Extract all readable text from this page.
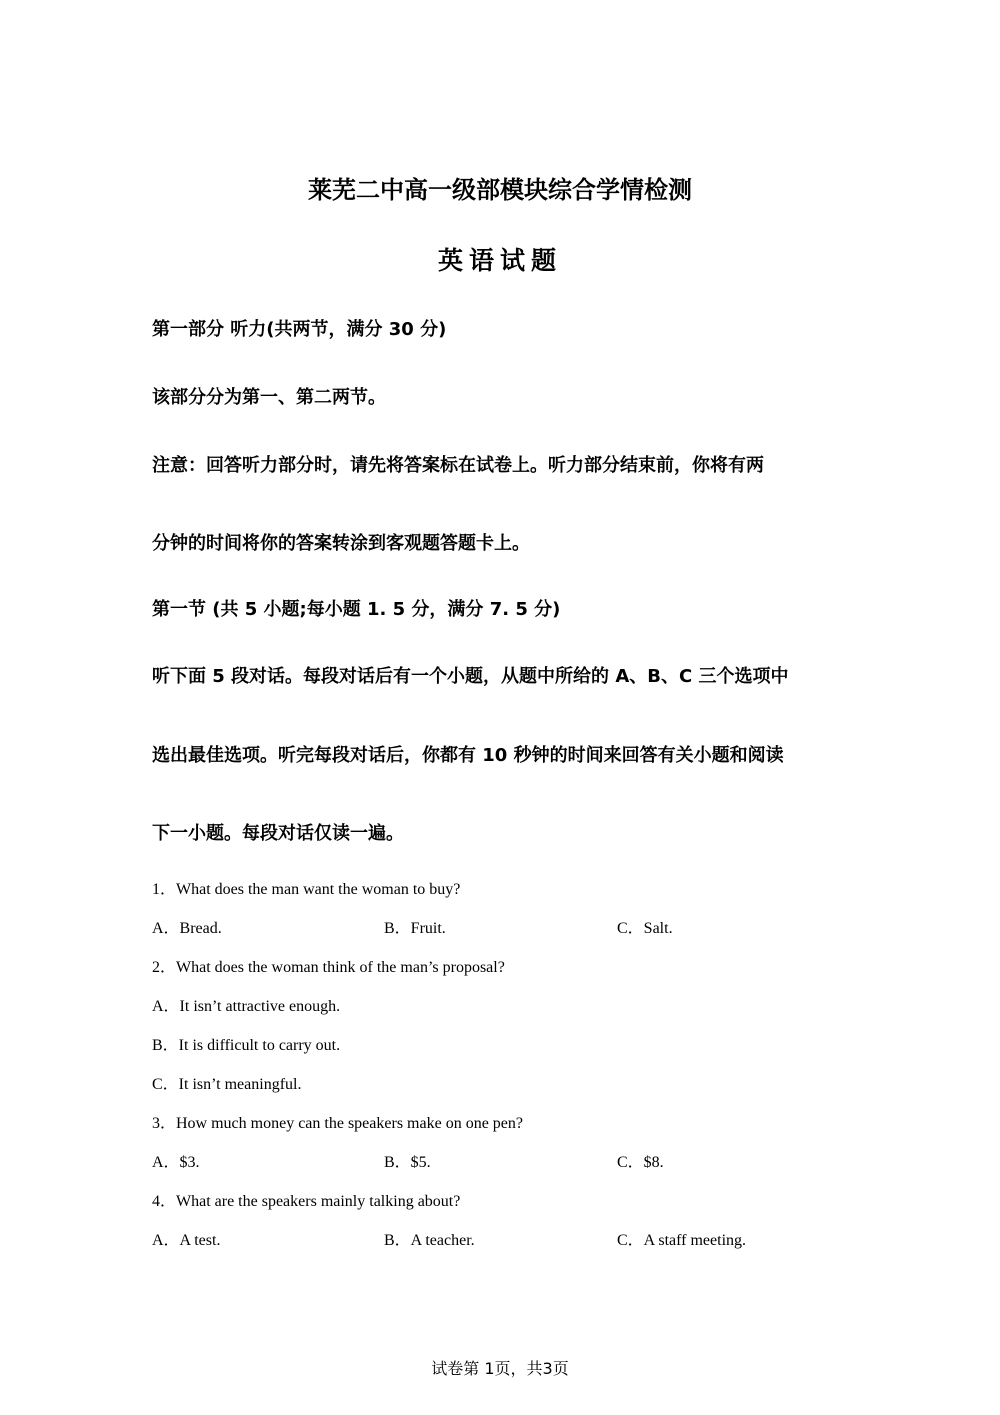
莱芜二中高一级部模块综合学情检测
英语试题
第一部分 听力(共两节，满分 30 分)
该部分分为第一、第二两节。
注意：回答听力部分时，请先将答案标在试卷上。听力部分结束前，你将有两
分钟的时间将你的答案转涂到客观题答题卡上。
第一节 (共 5 小题;每小题 1. 5 分，满分 7. 5 分)
听下面 5 段对话。每段对话后有一个小题，从题中所给的 A、B、C 三个选项中
选出最佳选项。听完每段对话后，你都有 10 秒钟的时间来回答有关小题和阅读
下一小题。每段对话仅读一遍。
1．What does the man want the woman to buy?
A．Bread.	B．Fruit.	C．Salt.
2．What does the woman think of the man’s proposal?
A．It isn’t attractive enough.
B．It is difficult to carry out.
C．It isn’t meaningful.
3．How much money can the speakers make on one pen?
A．$3.	B．$5.	C．$8.
4．What are the speakers mainly talking about?
A．A test.	B．A teacher.	C．A staff meeting.
试卷第 1页，共3页
